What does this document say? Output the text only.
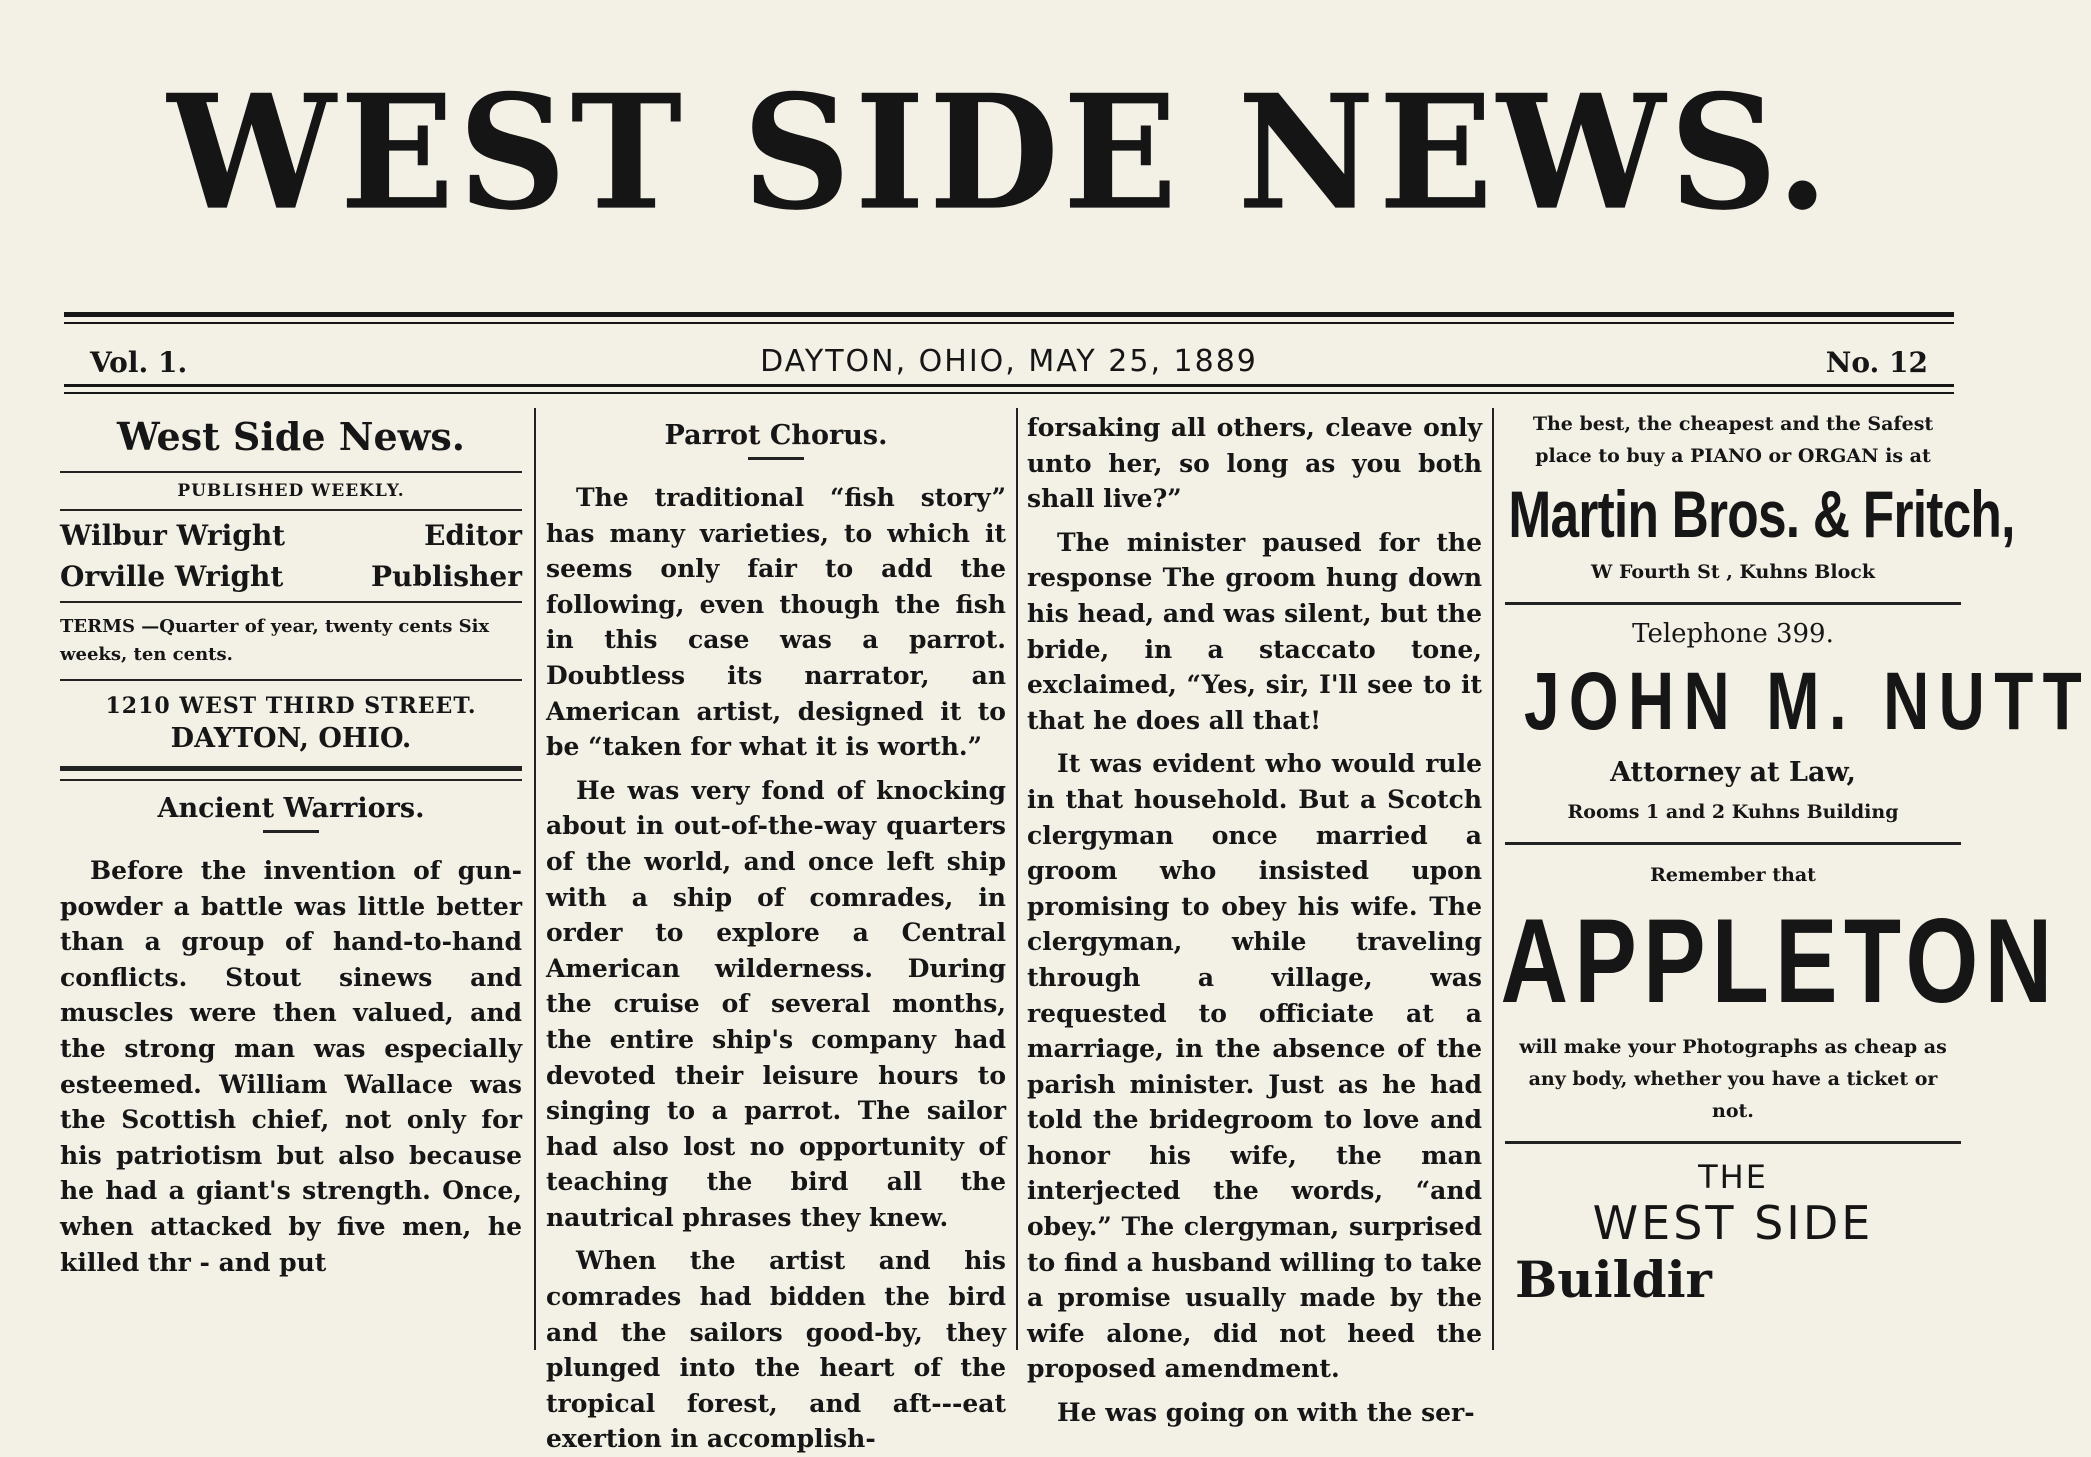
WEST SIDE NEWS.
Vol. 1.	DAYTON, OHIO, MAY 25, 1889	No. 12
West Side News.
PUBLISHED WEEKLY.
Wilbur Wright	Editor
Orville Wright	Publisher
TERMS —Quarter of year, twenty cents Six weeks, ten cents.
1210 WEST THIRD STREET.
DAYTON, OHIO.
Ancient Warriors.

Before the invention of gun-powder a battle was little better than a group of hand-to-hand conflicts. Stout sinews and muscles were then valued, and the strong man was especially esteemed. William Wallace was the Scottish chief, not only for his patriotism but also because he had a giant's strength. Once, when attacked by five men, he killed thr - and put

Parrot Chorus.

The traditional “fish story” has many varieties, to which it seems only fair to add the following, even though the fish in this case was a parrot. Doubtless its narrator, an American artist, designed it to be “taken for what it is worth.”

He was very fond of knocking about in out-of-the-way quarters of the world, and once left ship with a ship of comrades, in order to explore a Central American wilderness. During the cruise of several months, the entire ship's company had devoted their leisure hours to singing to a parrot. The sailor had also lost no opportunity of teaching the bird all the nautrical phrases they knew.

When the artist and his comrades had bidden the bird and the sailors good-by, they plunged into the heart of the tropical forest, and aft---eat exertion in accomplish-

forsaking all others, cleave only unto her, so long as you both shall live?”

The minister paused for the response The groom hung down his head, and was silent, but the bride, in a staccato tone, exclaimed, “Yes, sir, I'll see to it that he does all that!

It was evident who would rule in that household. But a Scotch clergyman once married a groom who insisted upon promising to obey his wife. The clergyman, while traveling through a village, was requested to officiate at a marriage, in the absence of the parish minister. Just as he had told the bridegroom to love and honor his wife, the man interjected the words, “and obey.” The clergyman, surprised to find a husband willing to take a promise usually made by the wife alone, did not heed the proposed amendment.

He was going on with the ser-

The best, the cheapest and the Safest place to buy a PIANO or ORGAN is at
Martin Bros. & Fritch,
W Fourth St , Kuhns Block
Telephone 399.
JOHN M. NUTT
Attorney at Law,
Rooms 1 and 2 Kuhns Building
Remember that
APPLETON
will make your Photographs as cheap as any body, whether you have a ticket or not.
THE
WEST SIDE
Buildir
